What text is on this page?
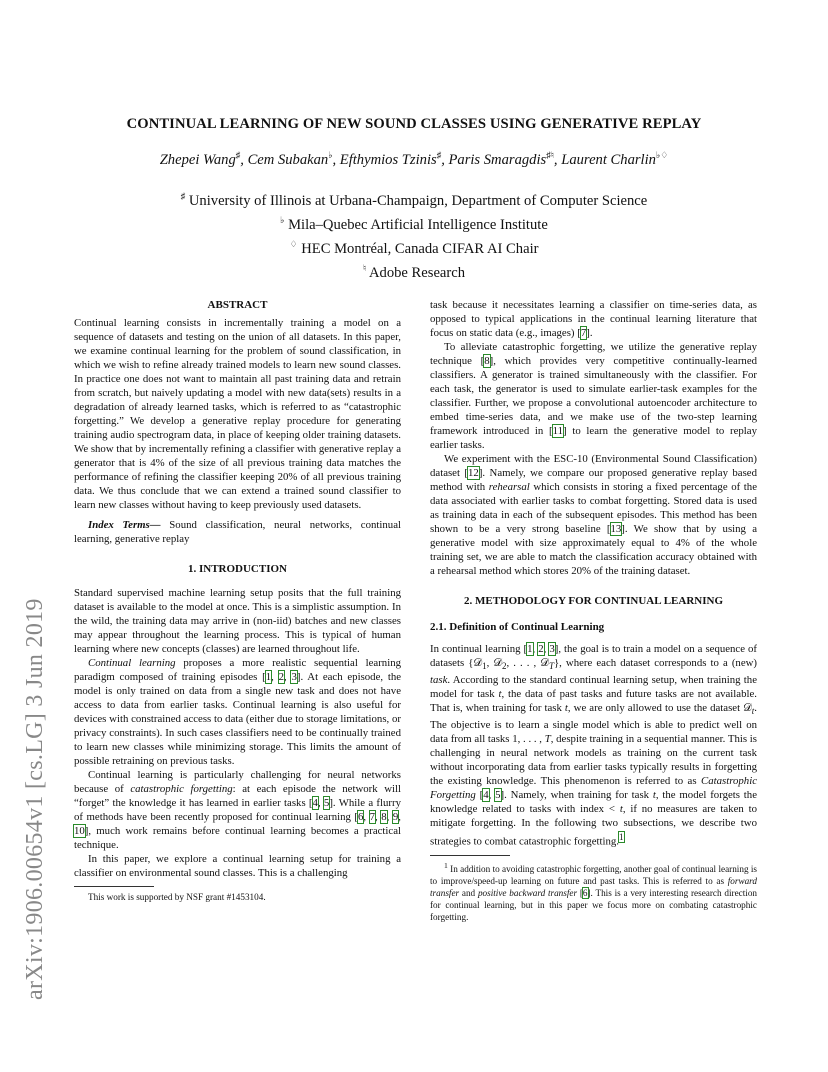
CONTINUAL LEARNING OF NEW SOUND CLASSES USING GENERATIVE REPLAY
Zhepei Wang♯, Cem Subakan♭, Efthymios Tzinis♯, Paris Smaragdis♯♮, Laurent Charlin♭♢
♯ University of Illinois at Urbana-Champaign, Department of Computer Science
♭ Mila–Quebec Artificial Intelligence Institute
♢ HEC Montréal, Canada CIFAR AI Chair
♮ Adobe Research
arXiv:1906.00654v1 [cs.LG] 3 Jun 2019

ABSTRACT

Continual learning consists in incrementally training a model on a sequence of datasets and testing on the union of all datasets. In this paper, we examine continual learning for the problem of sound classification, in which we wish to refine already trained models to learn new sound classes. In practice one does not want to maintain all past training data and retrain from scratch, but naively updating a model with new data(sets) results in a degradation of already learned tasks, which is referred to as “catastrophic forgetting.” We develop a generative replay procedure for generating training audio spectrogram data, in place of keeping older training datasets. We show that by incrementally refining a classifier with generative replay a generator that is 4% of the size of all previous training data matches the performance of refining the classifier keeping 20% of all previous training data. We thus conclude that we can extend a trained sound classifier to learn new classes without having to keep previously used datasets.

Index Terms— Sound classification, neural networks, continual learning, generative replay

1. INTRODUCTION

Standard supervised machine learning setup posits that the full training dataset is available to the model at once. This is a simplistic assumption. In the wild, the training data may arrive in (non-iid) batches and new classes may appear throughout the learning process. This is typical of human learning where new concepts (classes) are learned throughout life.

Continual learning proposes a more realistic sequential learning paradigm composed of training episodes [1, 2, 3]. At each episode, the model is only trained on data from a single new task and does not have access to data from earlier tasks. Continual learning is also useful for devices with constrained access to data (either due to storage limitations, or privacy constraints). In such cases classifiers need to be continually trained to learn new classes while minimizing storage. This limits the amount of possible retraining on previous tasks.

Continual learning is particularly challenging for neural networks because of catastrophic forgetting: at each episode the network will “forget” the knowledge it has learned in earlier tasks [4, 5]. While a flurry of methods have been recently proposed for continual learning [6, 7, 8, 9, 10], much work remains before continual learning becomes a practical technique.

In this paper, we explore a continual learning setup for training a classifier on environmental sound classes. This is a challenging

This work is supported by NSF grant #1453104.

task because it necessitates learning a classifier on time-series data, as opposed to typical applications in the continual learning literature that focus on static data (e.g., images) [7].

To alleviate catastrophic forgetting, we utilize the generative replay technique [8], which provides very competitive continually-learned classifiers. A generator is trained simultaneously with the classifier. For each task, the generator is used to simulate earlier-task examples for the classifier. Further, we propose a convolutional autoencoder architecture to embed time-series data, and we make use of the two-step learning framework introduced in [11] to learn the generative model to replay earlier tasks.

We experiment with the ESC-10 (Environmental Sound Classification) dataset [12]. Namely, we compare our proposed generative replay based method with rehearsal which consists in storing a fixed percentage of the data associated with earlier tasks to combat forgetting. Stored data is used as training data in each of the subsequent episodes. This method has been shown to be a very strong baseline [13]. We show that by using a generative model with size approximately equal to 4% of the whole training set, we are able to match the classification accuracy obtained with a rehearsal method which stores 20% of the training dataset.

2. METHODOLOGY FOR CONTINUAL LEARNING

2.1. Definition of Continual Learning

In continual learning [1, 2, 3], the goal is to train a model on a sequence of datasets {𝒟$_1$, 𝒟$_2$, . . . , 𝒟$_T$}, where each dataset corresponds to a (new) task. According to the standard continual learning setup, when training the model for task t, the data of past tasks and future tasks are not available. That is, when training for task t, we are only allowed to use the dataset 𝒟$_t$. The objective is to learn a single model which is able to predict well on data from all tasks 1, . . . , T, despite training in a sequential manner. This is challenging in neural network models as training on the current task without incorporating data from earlier tasks typically results in forgetting the existing knowledge. This phenomenon is referred to as Catastrophic Forgetting [4, 5]. Namely, when training for task t, the model forgets the knowledge related to tasks with index < t, if no measures are taken to mitigate forgetting. In the following two subsections, we describe two strategies to combat catastrophic forgetting.$^1$

$^1$ In addition to avoiding catastrophic forgetting, another goal of continual learning is to improve/speed-up learning on future and past tasks. This is referred to as forward transfer and positive backward transfer [6]. This is a very interesting research direction for continual learning, but in this paper we focus more on combating catastrophic forgetting.
